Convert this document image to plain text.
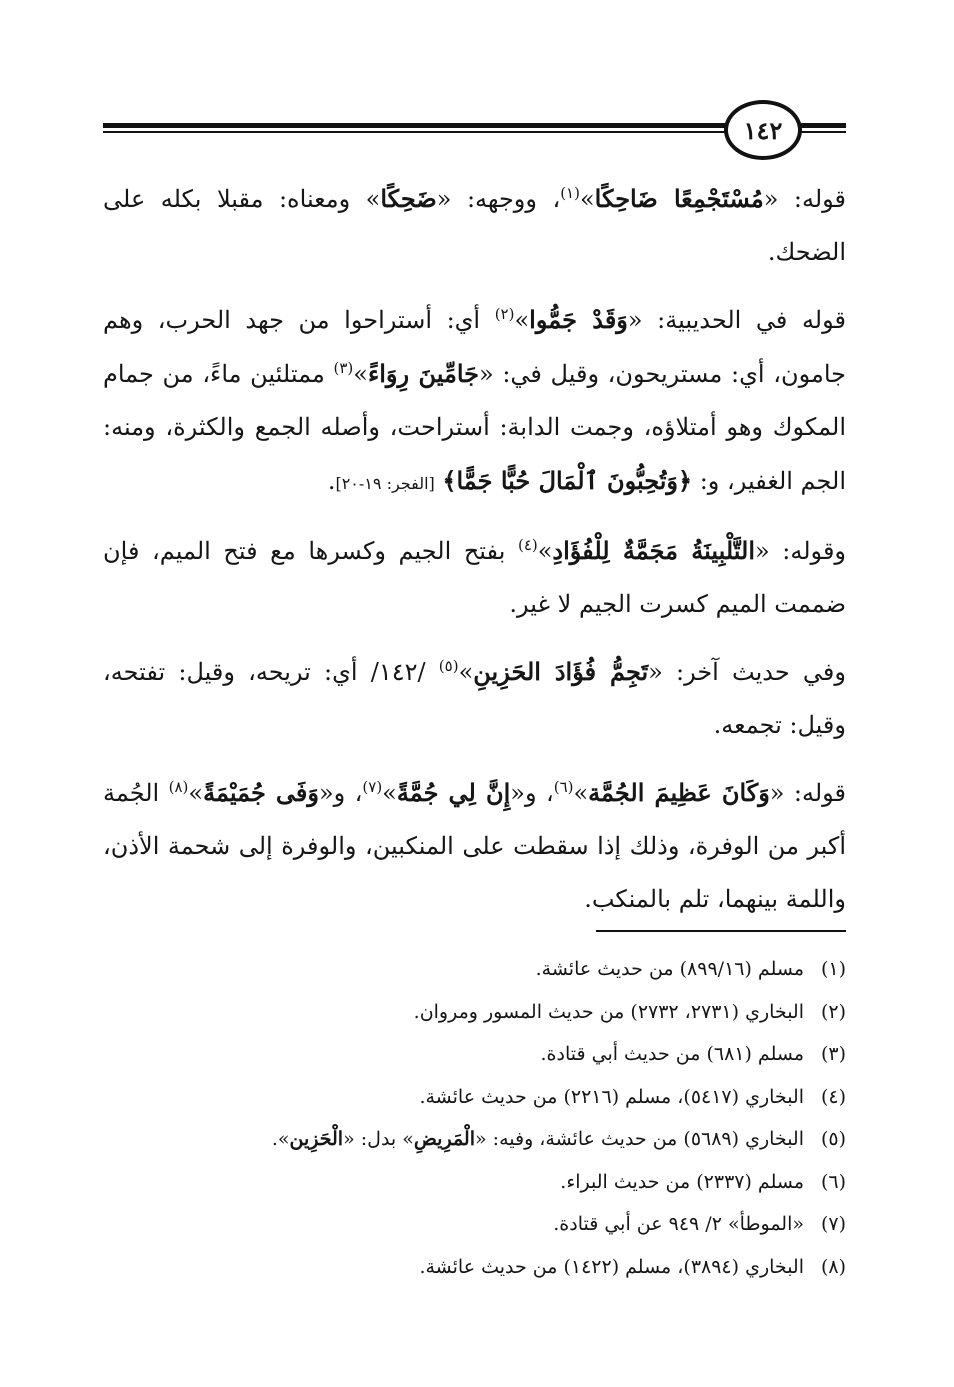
١٤٢

قوله: «مُسْتَجْمِعًا ضَاحِكًا»$^{(١)}$، ووجهه: «ضَحِكًا» ومعناه: مقبلا بكله على الضحك.

قوله في الحديبية: «وَقَدْ جَمُّوا»$^{(٢)}$ أي: أستراحوا من جهد الحرب، وهم جامون، أي: مستريحون، وقيل في: «جَامِّينَ رِوَاءً»$^{(٣)}$ ممتلئين ماءً، من جمام المكوك وهو أمتلاؤه، وجمت الدابة: أستراحت، وأصله الجمع والكثرة، ومنه: الجم الغفير، و: ﴿وَتُحِبُّونَ ٱلْمَالَ حُبًّا جَمًّا﴾ [الفجر: ١٩-٢٠].

وقوله: «التَّلْبِينَةُ مَجَمَّةٌ لِلْفُؤَادِ»$^{(٤)}$ بفتح الجيم وكسرها مع فتح الميم، فإن ضممت الميم كسرت الجيم لا غير.

وفي حديث آخر: «تَجِمُّ فُؤَادَ الحَزِينِ»$^{(٥)}$ /١٤٢/ أي: تريحه، وقيل: تفتحه، وقيل: تجمعه.

قوله: «وَكَانَ عَظِيمَ الجُمَّة»$^{(٦)}$، و«إِنَّ لِي جُمَّةً»$^{(٧)}$، و«وَفَى جُمَيْمَةً»$^{(٨)}$ الجُمة أكبر من الوفرة، وذلك إذا سقطت على المنكبين، والوفرة إلى شحمة الأذن، واللمة بينهما، تلم بالمنكب.

(١)
مسلم (٨٩٩/١٦) من حديث عائشة.
(٢)
البخاري (٢٧٣١، ٢٧٣٢) من حديث المسور ومروان.
(٣)
مسلم (٦٨١) من حديث أبي قتادة.
(٤)
البخاري (٥٤١٧)، مسلم (٢٢١٦) من حديث عائشة.
(٥)
البخاري (٥٦٨٩) من حديث عائشة، وفيه: «الْمَرِيضِ» بدل: «الْحَزِين».
(٦)
مسلم (٢٣٣٧) من حديث البراء.
(٧)
«الموطأ» ٢/ ٩٤٩ عن أبي قتادة.
(٨)
البخاري (٣٨٩٤)، مسلم (١٤٢٢) من حديث عائشة.
